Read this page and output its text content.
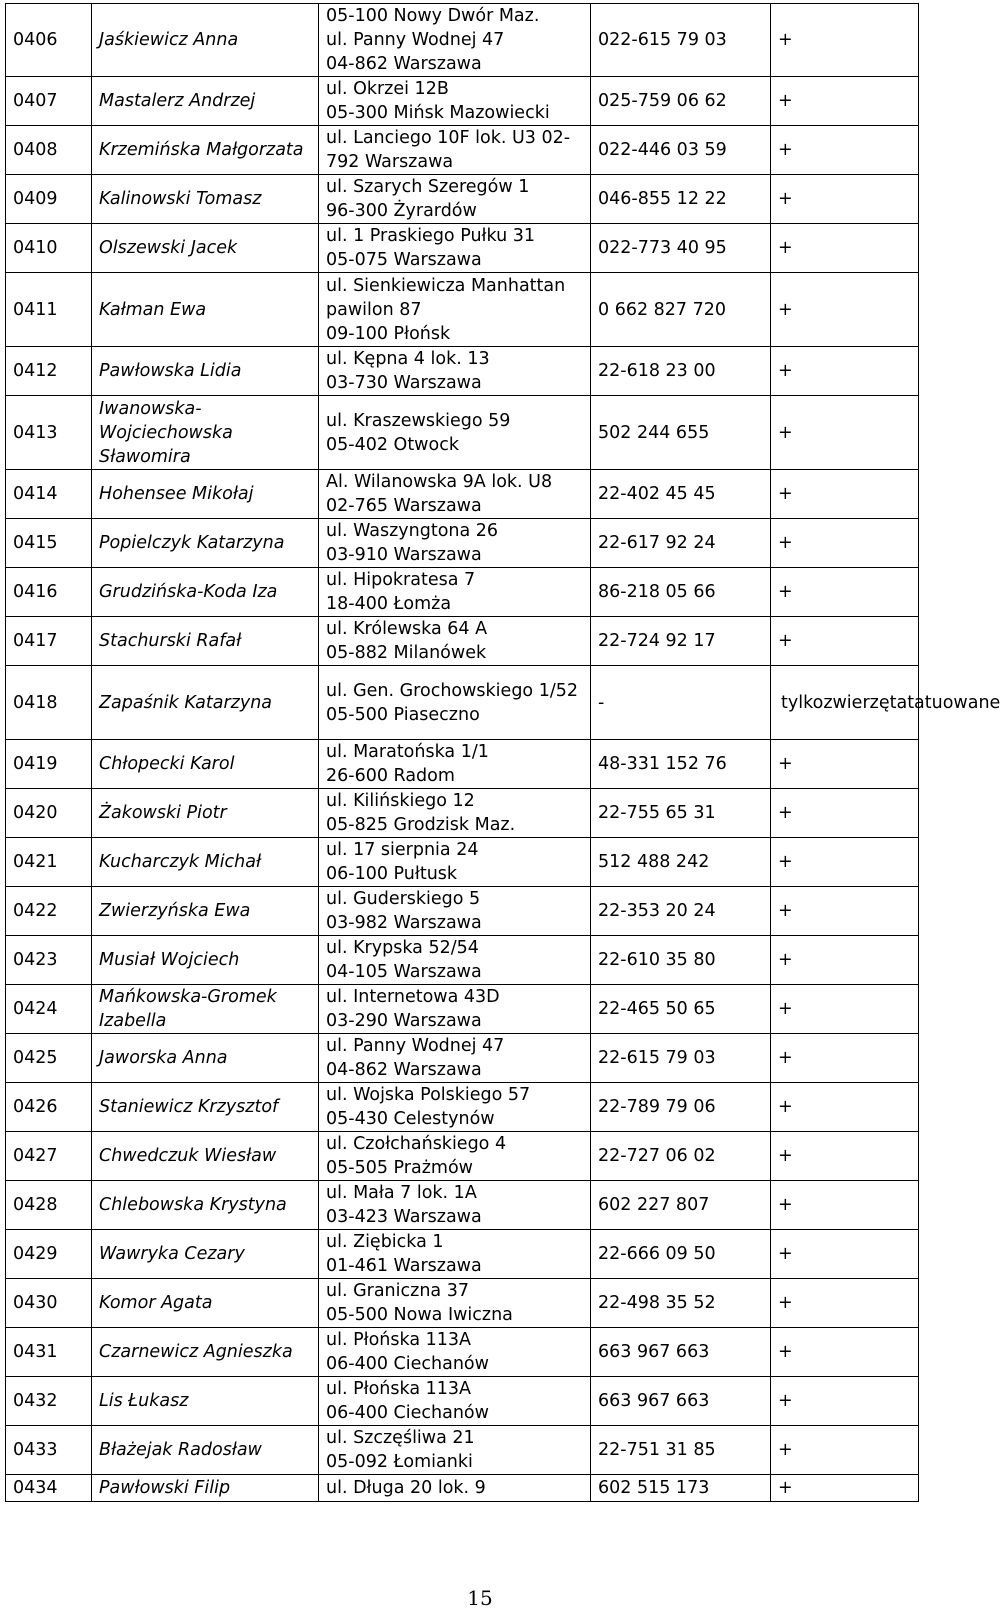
0406	Jaśkiewicz Anna	05-100 Nowy Dwór Maz.
ul. Panny Wodnej 47
04-862 Warszawa	022-615 79 03	+
0407	Mastalerz Andrzej	ul. Okrzei 12B
05-300 Mińsk Mazowiecki	025-759 06 62	+
0408	Krzemińska Małgorzata	ul. Lanciego 10F lok. U3 02-
792 Warszawa	022-446 03 59	+
0409	Kalinowski Tomasz	ul. Szarych Szeregów 1
96-300 Żyrardów	046-855 12 22	+
0410	Olszewski Jacek	ul. 1 Praskiego Pułku 31
05-075 Warszawa	022-773 40 95	+
0411	Kałman Ewa	ul. Sienkiewicza Manhattan
pawilon 87
09-100 Płońsk	0 662 827 720	+
0412	Pawłowska Lidia	ul. Kępna 4 lok. 13
03-730 Warszawa	22-618 23 00	+
0413	Iwanowska-
Wojciechowska
Sławomira	ul. Kraszewskiego 59
05-402 Otwock	502 244 655	+
0414	Hohensee Mikołaj	Al. Wilanowska 9A lok. U8
02-765 Warszawa	22-402 45 45	+
0415	Popielczyk Katarzyna	ul. Waszyngtona 26
03-910 Warszawa	22-617 92 24	+
0416	Grudzińska-Koda Iza	ul. Hipokratesa 7
18-400 Łomża	86-218 05 66	+
0417	Stachurski Rafał	ul. Królewska 64 A
05-882 Milanówek	22-724 92 17	+
0418	Zapaśnik Katarzyna	ul. Gen. Grochowskiego 1/52
05-500 Piaseczno	-	tylkozwierzętatatuowane
0419	Chłopecki Karol	ul. Maratońska 1/1
26-600 Radom	48-331 152 76	+
0420	Żakowski Piotr	ul. Kilińskiego 12
05-825 Grodzisk Maz.	22-755 65 31	+
0421	Kucharczyk Michał	ul. 17 sierpnia 24
06-100 Pułtusk	512 488 242	+
0422	Zwierzyńska Ewa	ul. Guderskiego 5
03-982 Warszawa	22-353 20 24	+
0423	Musiał Wojciech	ul. Krypska 52/54
04-105 Warszawa	22-610 35 80	+
0424	Mańkowska-Gromek
Izabella	ul. Internetowa 43D
03-290 Warszawa	22-465 50 65	+
0425	Jaworska Anna	ul. Panny Wodnej 47
04-862 Warszawa	22-615 79 03	+
0426	Staniewicz Krzysztof	ul. Wojska Polskiego 57
05-430 Celestynów	22-789 79 06	+
0427	Chwedczuk Wiesław	ul. Czołchańskiego 4
05-505 Prażmów	22-727 06 02	+
0428	Chlebowska Krystyna	ul. Mała 7 lok. 1A
03-423 Warszawa	602 227 807	+
0429	Wawryka Cezary	ul. Ziębicka 1
01-461 Warszawa	22-666 09 50	+
0430	Komor Agata	ul. Graniczna 37
05-500 Nowa Iwiczna	22-498 35 52	+
0431	Czarnewicz Agnieszka	ul. Płońska 113A
06-400 Ciechanów	663 967 663	+
0432	Lis Łukasz	ul. Płońska 113A
06-400 Ciechanów	663 967 663	+
0433	Błażejak Radosław	ul. Szczęśliwa 21
05-092 Łomianki	22-751 31 85	+
0434	Pawłowski Filip	ul. Długa 20 lok. 9	602 515 173	+
15
